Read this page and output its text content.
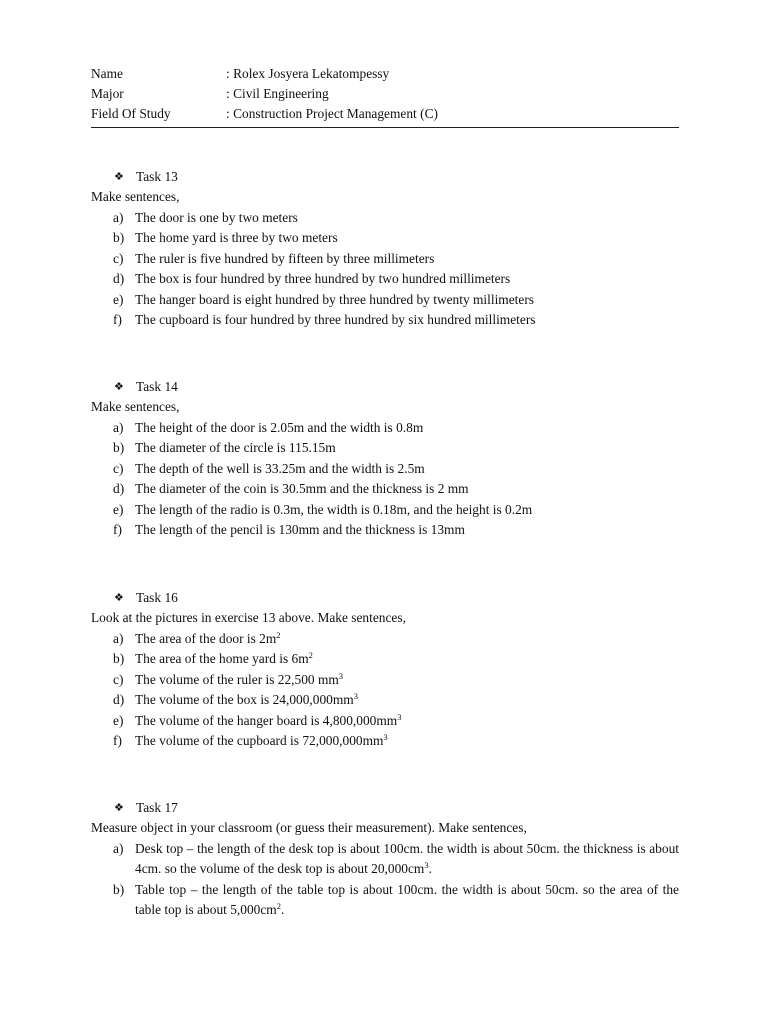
Name	: Rolex Josyera Lekatompessy
Major	: Civil Engineering
Field Of Study	: Construction Project Management (C)
❖ Task 13
Make sentences,
a) The door is one by two meters
b) The home yard is three by two meters
c) The ruler is five hundred by fifteen by three millimeters
d) The box is four hundred by three hundred by two hundred millimeters
e) The hanger board is eight hundred by three hundred by twenty millimeters
f) The cupboard is four hundred by three hundred by six hundred millimeters
❖ Task 14
Make sentences,
a) The height of the door is 2.05m and the width is 0.8m
b) The diameter of the circle is 115.15m
c) The depth of the well is 33.25m and the width is 2.5m
d) The diameter of the coin is 30.5mm and the thickness is 2 mm
e) The length of the radio is 0.3m, the width is 0.18m, and the height is 0.2m
f) The length of the pencil is 130mm and the thickness is 13mm
❖ Task 16
Look at the pictures in exercise 13 above. Make sentences,
a) The area of the door is $2m^2$
b) The area of the home yard is $6m^2$
c) The volume of the ruler is 22,500 $mm^3$
d) The volume of the box is $24,000,000mm^3$
e) The volume of the hanger board is $4,800,000mm^3$
f) The volume of the cupboard is $72,000,000mm^3$
❖ Task 17
Measure object in your classroom (or guess their measurement). Make sentences,
a) Desk top – the length of the desk top is about 100cm. the width is about 50cm. the thickness is about 4cm. so the volume of the desk top is about $20,000cm^3$.
b) Table top – the length of the table top is about 100cm. the width is about 50cm. so the area of the table top is about $5,000cm^2$.
